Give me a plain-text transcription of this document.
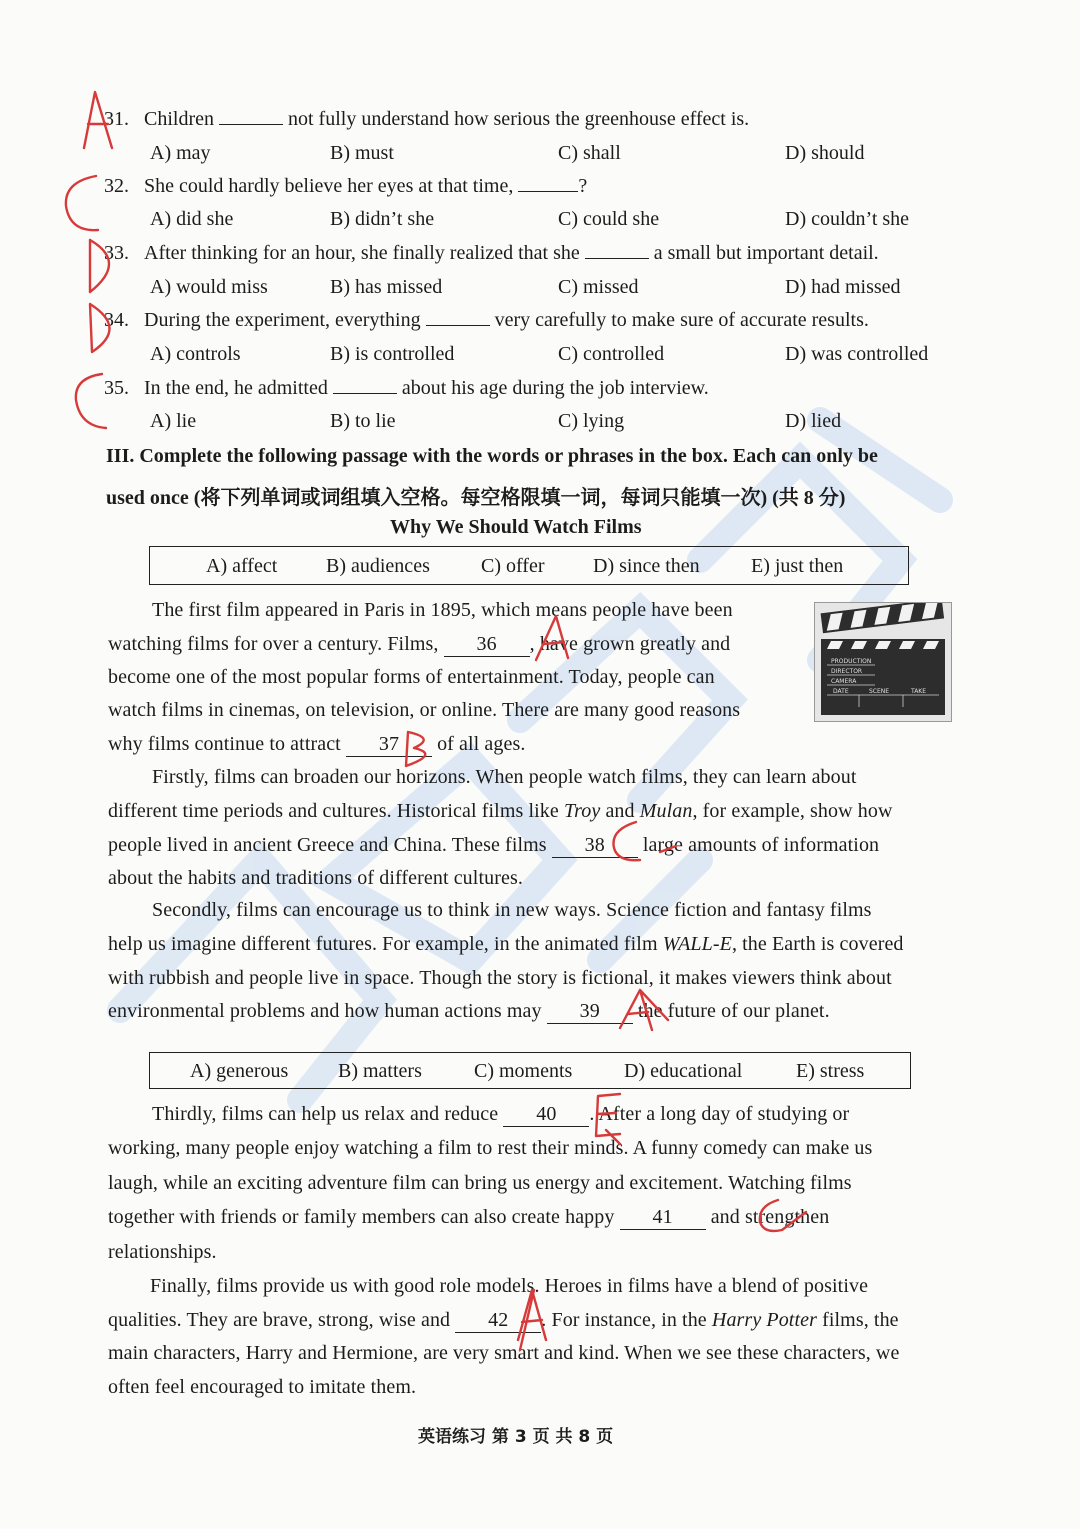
31. Children	not fully understand how serious the greenhouse effect is.
A) may	B) must	C) shall	D) should
32. She could hardly believe her eyes at that time,	?
A) did she	B) didn’t she	C) could she	D) couldn’t she
33. After thinking for an hour, she finally realized that she	a small but important detail.
A) would miss	B) has missed	C) missed	D) had missed
34. During the experiment, everything	very carefully to make sure of accurate results.
A) controls	B) is controlled	C) controlled	D) was controlled
35. In the end, he admitted	about his age during the job interview.
A) lie	B) to lie	C) lying	D) lied
III. Complete the following passage with the words or phrases in the box. Each can only be
used once (将下列单词或词组填入空格。每空格限填一词，每词只能填一次) (共 8 分)
Why We Should Watch Films
A) affect B) audiences	C) offer D) since then	E) just then
PRODUCTION
DIRECTOR
CAMERA
DATE	SCENE	TAKE
The first film appeared in Paris in 1895, which means people have been
watching films for over a century. Films, 36 , have grown greatly and
become one of the most popular forms of entertainment. Today, people can
watch films in cinemas, on television, or online. There are many good reasons
why films continue to attract 37 of all ages.
Firstly, films can broaden our horizons. When people watch films, they can learn about
different time periods and cultures. Historical films like Troy and Mulan, for example, show how
people lived in ancient Greece and China. These films 38 large amounts of information
about the habits and traditions of different cultures.
Secondly, films can encourage us to think in new ways. Science fiction and fantasy films
help us imagine different futures. For example, in the animated film WALL-E, the Earth is covered
with rubbish and people live in space. Though the story is fictional, it makes viewers think about
environmental problems and how human actions may 39 the future of our planet.
A) generous B) matters	C) moments	D) educational	E) stress
Thirdly, films can help us relax and reduce 40 . After a long day of studying or
working, many people enjoy watching a film to rest their minds. A funny comedy can make us
laugh, while an exciting adventure film can bring us energy and excitement. Watching films
together with friends or family members can also create happy 41 and strengthen
relationships.
Finally, films provide us with good role models. Heroes in films have a blend of positive
qualities. They are brave, strong, wise and 42 . For instance, in the Harry Potter films, the
main characters, Harry and Hermione, are very smart and kind. When we see these characters, we
often feel encouraged to imitate them.
英语练习 第 3 页 共 8 页
